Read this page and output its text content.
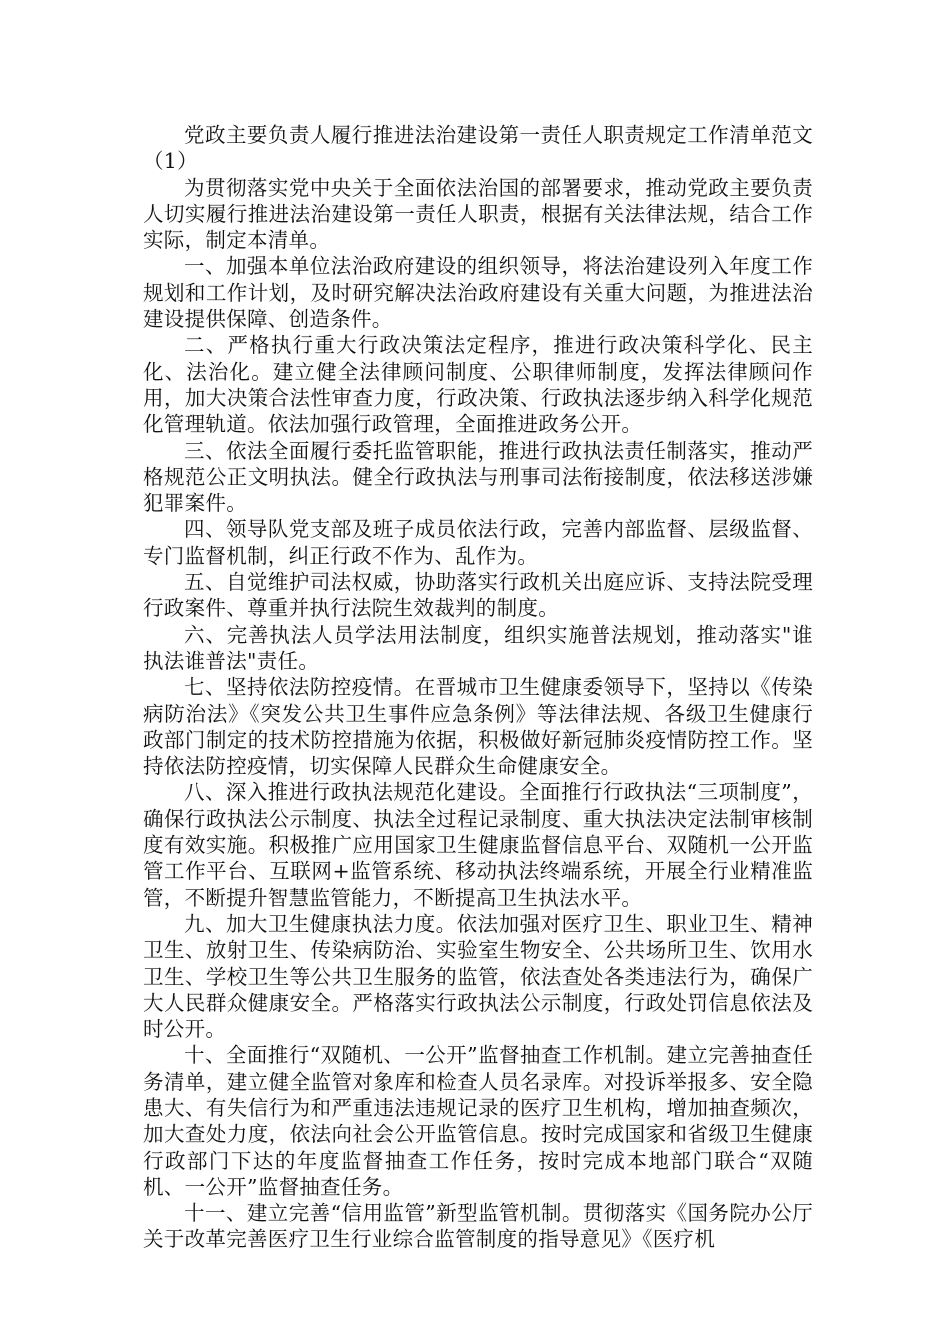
党政主要负责人履行推进法治建设第一责任人职责规定工作清单范文（1）

为贯彻落实党中央关于全面依法治国的部署要求，推动党政主要负责人切实履行推进法治建设第一责任人职责，根据有关法律法规，结合工作实际，制定本清单。

一、加强本单位法治政府建设的组织领导，将法治建设列入年度工作规划和工作计划，及时研究解决法治政府建设有关重大问题，为推进法治建设提供保障、创造条件。

二、严格执行重大行政决策法定程序，推进行政决策科学化、民主化、法治化。建立健全法律顾问制度、公职律师制度，发挥法律顾问作用，加大决策合法性审查力度，行政决策、行政执法逐步纳入科学化规范化管理轨道。依法加强行政管理，全面推进政务公开。

三、依法全面履行委托监管职能，推进行政执法责任制落实，推动严格规范公正文明执法。健全行政执法与刑事司法衔接制度，依法移送涉嫌犯罪案件。

四、领导队党支部及班子成员依法行政，完善内部监督、层级监督、专门监督机制，纠正行政不作为、乱作为。

五、自觉维护司法权威，协助落实行政机关出庭应诉、支持法院受理行政案件、尊重并执行法院生效裁判的制度。

六、完善执法人员学法用法制度，组织实施普法规划，推动落实"谁执法谁普法"责任。

七、坚持依法防控疫情。在晋城市卫生健康委领导下，坚持以《传染病防治法》《突发公共卫生事件应急条例》等法律法规、各级卫生健康行政部门制定的技术防控措施为依据，积极做好新冠肺炎疫情防控工作。坚持依法防控疫情，切实保障人民群众生命健康安全。

八、深入推进行政执法规范化建设。全面推行行政执法“三项制度”，确保行政执法公示制度、执法全过程记录制度、重大执法决定法制审核制度有效实施。积极推广应用国家卫生健康监督信息平台、双随机一公开监管工作平台、互联网+监管系统、移动执法终端系统，开展全行业精准监管，不断提升智慧监管能力，不断提高卫生执法水平。

九、加大卫生健康执法力度。依法加强对医疗卫生、职业卫生、精神卫生、放射卫生、传染病防治、实验室生物安全、公共场所卫生、饮用水卫生、学校卫生等公共卫生服务的监管，依法查处各类违法行为，确保广大人民群众健康安全。严格落实行政执法公示制度，行政处罚信息依法及时公开。

十、全面推行“双随机、一公开”监督抽查工作机制。建立完善抽查任务清单，建立健全监管对象库和检查人员名录库。对投诉举报多、安全隐患大、有失信行为和严重违法违规记录的医疗卫生机构，增加抽查频次，加大查处力度，依法向社会公开监管信息。按时完成国家和省级卫生健康行政部门下达的年度监督抽查工作任务，按时完成本地部门联合“双随机、一公开”监督抽查任务。

十一、建立完善“信用监管”新型监管机制。贯彻落实《国务院办公厅关于改革完善医疗卫生行业综合监管制度的指导意见》《医疗机
